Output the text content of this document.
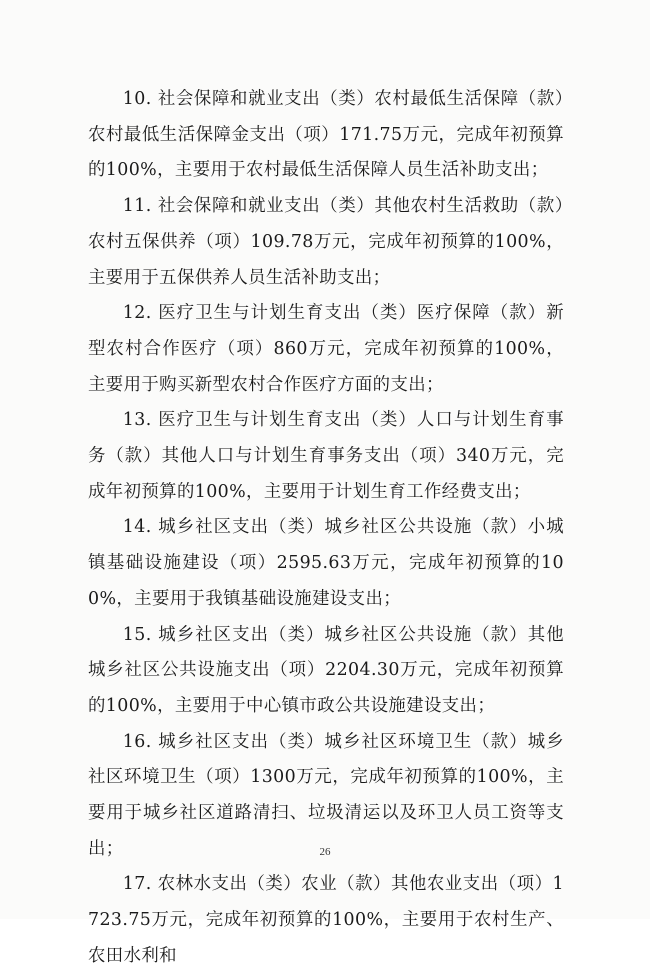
10. 社会保障和就业支出（类）农村最低生活保障（款）农村最低生活保障金支出（项）171.75万元，完成年初预算的100%，主要用于农村最低生活保障人员生活补助支出；

11. 社会保障和就业支出（类）其他农村生活救助（款）农村五保供养（项）109.78万元，完成年初预算的100%，主要用于五保供养人员生活补助支出；

12. 医疗卫生与计划生育支出（类）医疗保障（款）新型农村合作医疗（项）860万元，完成年初预算的100%，主要用于购买新型农村合作医疗方面的支出；

13. 医疗卫生与计划生育支出（类）人口与计划生育事务（款）其他人口与计划生育事务支出（项）340万元，完成年初预算的100%，主要用于计划生育工作经费支出；

14. 城乡社区支出（类）城乡社区公共设施（款）小城镇基础设施建设（项）2595.63万元，完成年初预算的100%，主要用于我镇基础设施建设支出；

15. 城乡社区支出（类）城乡社区公共设施（款）其他城乡社区公共设施支出（项）2204.30万元，完成年初预算的100%，主要用于中心镇市政公共设施建设支出；

16. 城乡社区支出（类）城乡社区环境卫生（款）城乡社区环境卫生（项）1300万元，完成年初预算的100%，主要用于城乡社区道路清扫、垃圾清运以及环卫人员工资等支出；

17. 农林水支出（类）农业（款）其他农业支出（项）1723.75万元，完成年初预算的100%，主要用于农村生产、农田水利和

26
